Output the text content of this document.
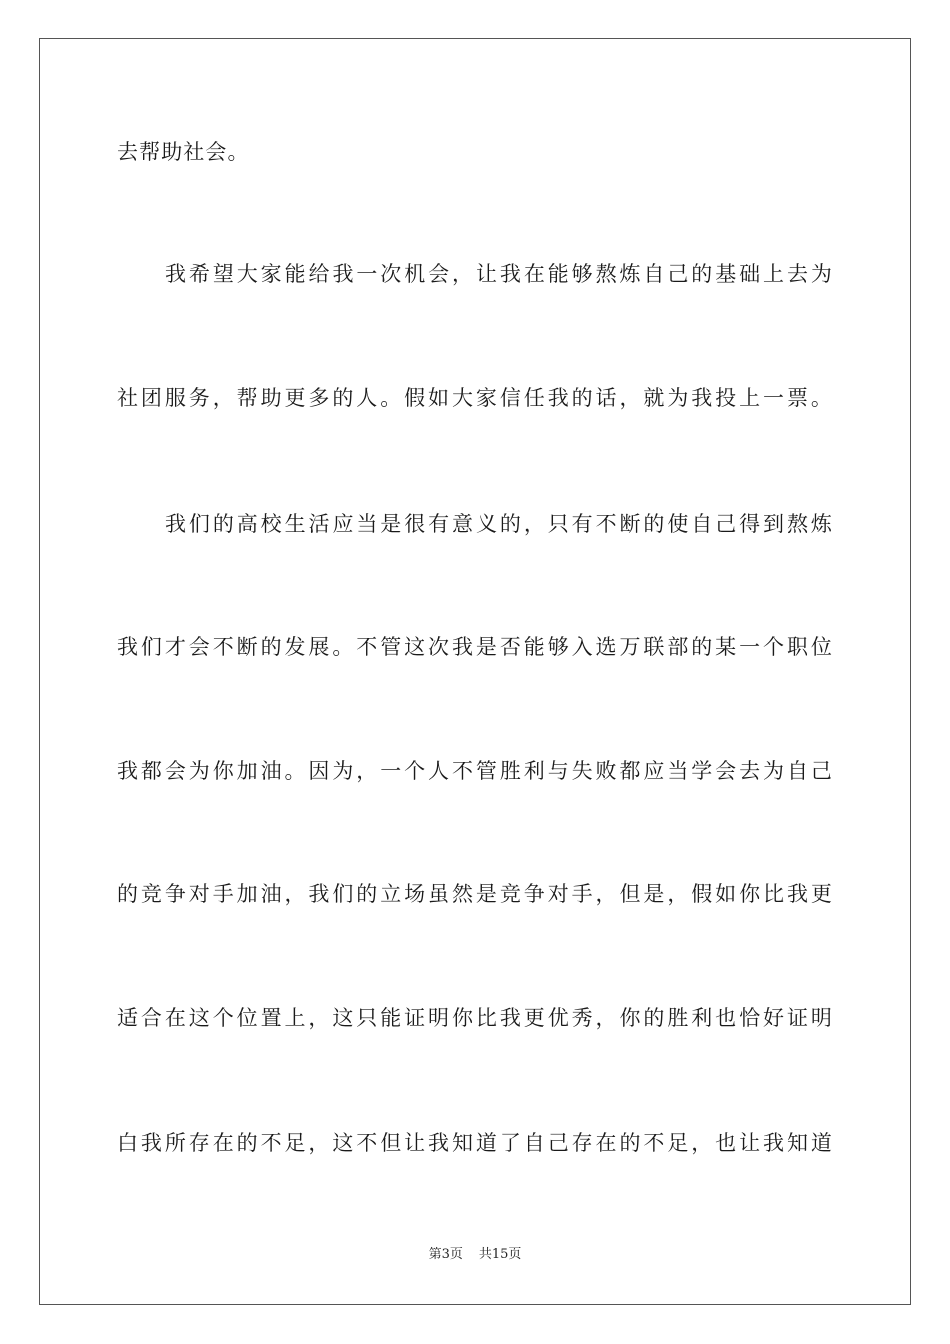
去帮助社会。
我希望大家能给我一次机会，让我在能够熬炼自己的基础上去为
社团服务，帮助更多的人。假如大家信任我的话，就为我投上一票。
我们的高校生活应当是很有意义的，只有不断的使自己得到熬炼
我们才会不断的发展。不管这次我是否能够入选万联部的某一个职位
我都会为你加油。因为，一个人不管胜利与失败都应当学会去为自己
的竞争对手加油，我们的立场虽然是竞争对手，但是，假如你比我更
适合在这个位置上，这只能证明你比我更优秀，你的胜利也恰好证明
白我所存在的不足，这不但让我知道了自己存在的不足，也让我知道
第3页 共15页
